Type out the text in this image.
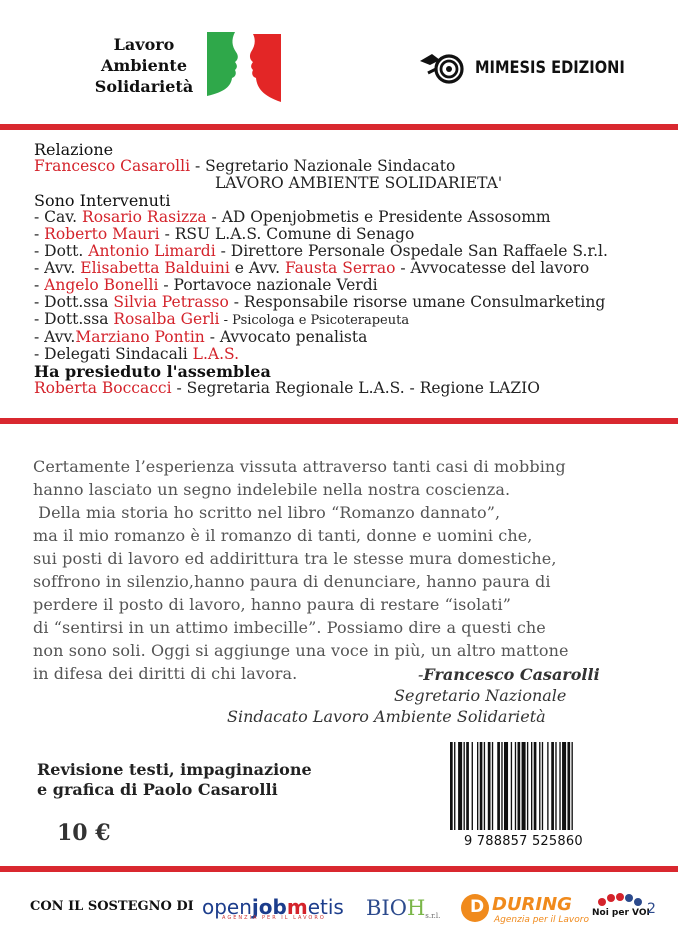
Lavoro
Ambiente
Solidarietà
MIMESIS EDIZIONI
Relazione
Francesco Casarolli - Segretario Nazionale Sindacato
LAVORO AMBIENTE SOLIDARIETA'
Sono Intervenuti
- Cav. Rosario Rasizza - AD Openjobmetis e Presidente Assosomm
- Roberto Mauri - RSU L.A.S. Comune di Senago
- Dott. Antonio Limardi - Direttore Personale Ospedale San Raffaele S.r.l.
- Avv. Elisabetta Balduini e Avv. Fausta Serrao - Avvocatesse del lavoro
- Angelo Bonelli - Portavoce nazionale Verdi
- Dott.ssa Silvia Petrasso - Responsabile risorse umane Consulmarketing
- Dott.ssa Rosalba Gerli - Psicologa e Psicoterapeuta
- Avv.Marziano Pontin - Avvocato penalista
- Delegati Sindacali L.A.S.
Ha presieduto l'assemblea
Roberta Boccacci - Segretaria Regionale L.A.S. - Regione LAZIO
Certamente l’esperienza vissuta attraverso tanti casi di mobbing
hanno lasciato un segno indelebile nella nostra coscienza.
Della mia storia ho scritto nel libro “Romanzo dannato”,
ma il mio romanzo è il romanzo di tanti, donne e uomini che,
sui posti di lavoro ed addirittura tra le stesse mura domestiche,
soffrono in silenzio,hanno paura di denunciare, hanno paura di
perdere il posto di lavoro, hanno paura di restare “isolati”
di “sentirsi in un attimo imbecille”. Possiamo dire a questi che
non sono soli. Oggi si aggiunge una voce in più, un altro mattone
in difesa dei diritti di chi lavora.	-Francesco Casarolli
Segretario Nazionale
Sindacato Lavoro Ambiente Solidarietà
Revisione testi, impaginazione
e grafica di Paolo Casarolli
10 €	9 788857 525860
CON IL SOSTEGNO DI openjobmetis
AGENZIA PER IL LAVORO	BIOHs.r.l. D DURING
Agenzia per il Lavoro
Noi per VOI
2
